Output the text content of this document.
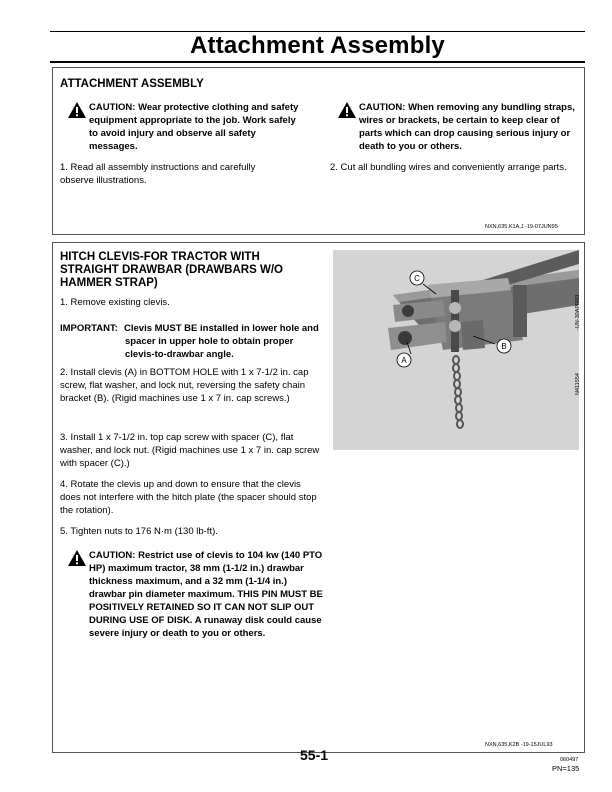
Attachment Assembly
ATTACHMENT ASSEMBLY
CAUTION: Wear protective clothing and safety equipment appropriate to the job. Work safely to avoid injury and observe all safety messages.
CAUTION: When removing any bundling straps, wires or brackets, be certain to keep clear of parts which can drop causing serious injury or death to you or others.
1. Read all assembly instructions and carefully observe illustrations.
2. Cut all bundling wires and conveniently arrange parts.
NXN,635,K1A,J -19-07JUN95
HITCH CLEVIS-FOR TRACTOR WITH STRAIGHT DRAWBAR (DRAWBARS W/O HAMMER STRAP)
1. Remove existing clevis.
IMPORTANT: Clevis MUST BE installed in lower hole and spacer in upper hole to obtain proper clevis-to-drawbar angle.
2. Install clevis (A) in BOTTOM HOLE with 1 x 7-1/2 in. cap screw, flat washer, and lock nut, reversing the safety chain bracket (B). (Rigid machines use 1 x 7 in. cap screws.)
3. Install 1 x 7-1/2 in. top cap screw with spacer (C), flat washer, and lock nut. (Rigid machines use 1 x 7 in. cap screw with spacer (C).)
4. Rotate the clevis up and down to ensure that the clevis does not interfere with the hitch plate (the spacer should stop the rotation).
5. Tighten nuts to 176 N·m (130 lb-ft).
CAUTION: Restrict use of clevis to 104 kw (140 PTO HP) maximum tractor, 38 mm (1-1/2 in.) drawbar thickness maximum, and a 32 mm (1-1/4 in.) drawbar pin diameter maximum. THIS PIN MUST BE POSITIVELY RETAINED SO IT CAN NOT SLIP OUT DURING USE OF DISK. A runaway disk could cause severe injury or death to you or others.
C
A
B
-UN-30APR93
N411554
NXN,635,K2B -19-15JUL93
55-1	060497
PN=135
